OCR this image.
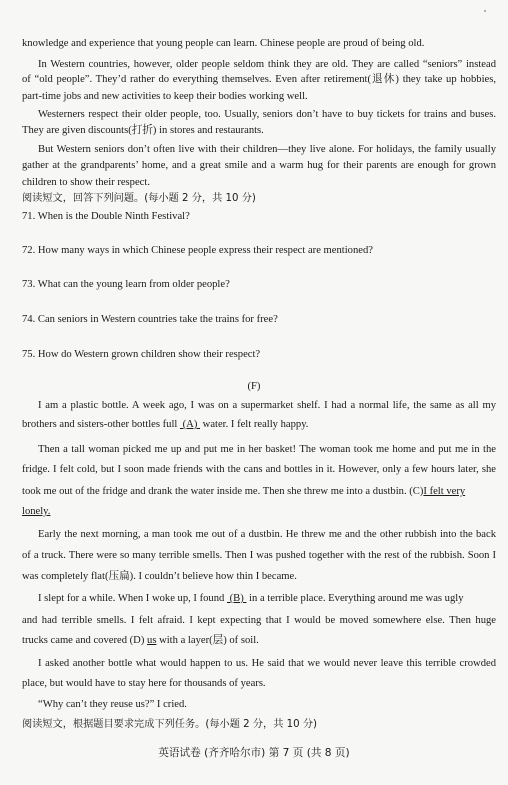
knowledge and experience that young people can learn. Chinese people are proud of being old.
In Western countries, however, older people seldom think they are old. They are called “seniors” instead
of “old people”. They’d rather do everything themselves. Even after retirement(退休) they take up hobbies,
part-time jobs and new activities to keep their bodies working well.
Westerners respect their older people, too. Usually, seniors don’t have to buy tickets for trains and buses.
They are given discounts(打折) in stores and restaurants.
But Western seniors don’t often live with their children—they live alone. For holidays, the family usually
gather at the grandparents’ home, and a great smile and a warm hug for their parents are enough for grown
children to show their respect.
阅读短文，回答下列问题。(每小题 2 分，共 10 分)
71. When is the Double Ninth Festival?
72. How many ways in which Chinese people express their respect are mentioned?
73. What can the young learn from older people?
74. Can seniors in Western countries take the trains for free?
75. How do Western grown children show their respect?
(F)
I am a plastic bottle. A week ago, I was on a supermarket shelf. I had a normal life, the same as all my
brothers and sisters-other bottles full  (A)  water. I felt really happy.
Then a tall woman picked me up and put me in her basket! The woman took me home and put me in the
fridge. I felt cold, but I soon made friends with the cans and bottles in it. However, only a few hours later, she
took me out of the fridge and drank the water inside me. Then she threw me into a dustbin. (C)I felt very
lonely.
Early the next morning, a man took me out of a dustbin. He threw me and the other rubbish into the back
of a truck. There were so many terrible smells. Then I was pushed together with the rest of the rubbish. Soon I
was completely flat(压扁). I couldn’t believe how thin I became.
I slept for a while. When I woke up, I found  (B)  in a terrible place. Everything around me was ugly
and had terrible smells. I felt afraid. I kept expecting that I would be moved somewhere else. Then huge
trucks came and covered (D) us with a layer(层) of soil.
I asked another bottle what would happen to us. He said that we would never leave this terrible crowded
place, but would have to stay here for thousands of years.
“Why can’t they reuse us?” I cried.
阅读短文，根据题目要求完成下列任务。(每小题 2 分，共 10 分)
英语试卷 (齐齐哈尔市) 第 7 页 (共 8 页)
